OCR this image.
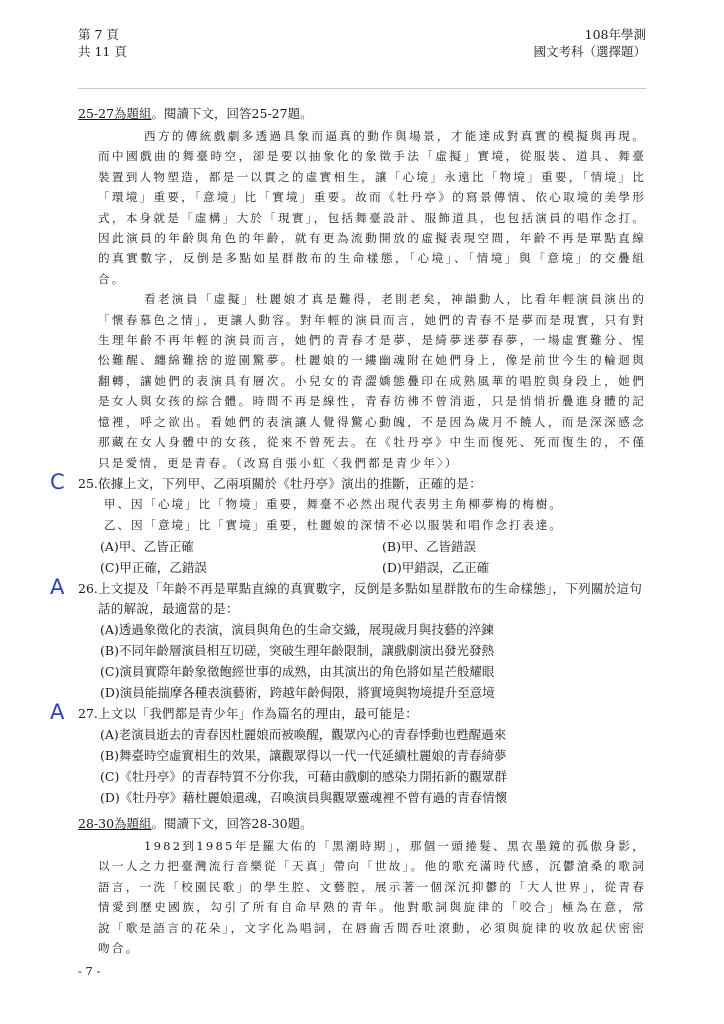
第 7 頁
共 11 頁
108年學測
國文考科（選擇題）
25-27為題組。閱讀下文，回答25-27題。

西方的傳統戲劇多透過具象而逼真的動作與場景，才能達成對真實的模擬與再現。而中國戲曲的舞臺時空，卻是要以抽象化的象徵手法「虛擬」實境，從服裝、道具、舞臺裝置到人物塑造，都是一以貫之的虛實相生，讓「心境」永遠比「物境」重要，「情境」比「環境」重要，「意境」比「實境」重要。故而《牡丹亭》的寫景傳情、依心取境的美學形式，本身就是「虛構」大於「現實」，包括舞臺設計、服飾道具，也包括演員的唱作念打。因此演員的年齡與角色的年齡，就有更為流動開放的虛擬表現空間，年齡不再是單點直線的真實數字，反倒是多點如星群散布的生命樣態，「心境」、「情境」與「意境」的交疊組合。

看老演員「虛擬」杜麗娘才真是難得，老則老矣，神韻動人，比看年輕演員演出的「懷春慕色之情」，更讓人動容。對年輕的演員而言，她們的青春不是夢而是現實，只有對生理年齡不再年輕的演員而言，她們的青春才是夢，是綺夢迷夢春夢，一場虛實難分、惺忪難醒、纏綿難捨的遊園驚夢。杜麗娘的一縷幽魂附在她們身上，像是前世今生的輪迴與翻轉，讓她們的表演具有層次。小兒女的青澀嬌態疊印在成熟風華的唱腔與身段上，她們是女人與女孩的綜合體。時間不再是線性，青春彷彿不曾消逝，只是悄悄折疊進身體的記憶裡，呼之欲出。看她們的表演讓人覺得驚心動魄，不是因為歲月不饒人，而是深深感念那藏在女人身體中的女孩，從來不曾死去。在《牡丹亭》中生而復死、死而復生的，不僅只是愛情，更是青春。（改寫自張小虹〈我們都是青少年〉）

C 25. 依據上文，下列甲、乙兩項關於《牡丹亭》演出的推斷，正確的是：
甲、因「心境」比「物境」重要，舞臺不必然出現代表男主角柳夢梅的梅樹。
乙、因「意境」比「實境」重要，杜麗娘的深情不必以服裝和唱作念打表達。
(A)甲、乙皆正確	(B)甲、乙皆錯誤
(C)甲正確，乙錯誤	(D)甲錯誤，乙正確
A 26. 上文提及「年齡不再是單點直線的真實數字，反倒是多點如星群散布的生命樣態」，下列關於這句話的解說，最適當的是：
(A)透過象徵化的表演，演員與角色的生命交織，展現歲月與技藝的淬鍊
(B)不同年齡層演員相互切磋，突破生理年齡限制，讓戲劇演出發光發熱
(C)演員實際年齡象徵飽經世事的成熟，由其演出的角色將如星芒般耀眼
(D)演員能揣摩各種表演藝術，跨越年齡侷限，將實境與物境提升至意境
A 27. 上文以「我們都是青少年」作為篇名的理由，最可能是：
(A)老演員逝去的青春因杜麗娘而被喚醒，觀眾內心的青春悸動也甦醒過來
(B)舞臺時空虛實相生的效果，讓觀眾得以一代一代延續杜麗娘的青春綺夢
(C)《牡丹亭》的青春特質不分你我，可藉由戲劇的感染力開拓新的觀眾群
(D)《牡丹亭》藉杜麗娘還魂，召喚演員與觀眾靈魂裡不曾有過的青春情懷
28-30為題組。閱讀下文，回答28-30題。

1982到1985年是羅大佑的「黑潮時期」，那個一頭捲髮、黑衣墨鏡的孤傲身影，以一人之力把臺灣流行音樂從「天真」帶向「世故」。他的歌充滿時代感，沉鬱滄桑的歌詞語言，一洗「校園民歌」的學生腔、文藝腔，展示著一個深沉抑鬱的「大人世界」，從青春情愛到歷史國族，勾引了所有自命早熟的青年。他對歌詞與旋律的「咬合」極為在意，常說「歌是語言的花朵」，文字化為唱詞，在唇齒舌間吞吐滾動，必須與旋律的收放起伏密密吻合。

- 7 -
